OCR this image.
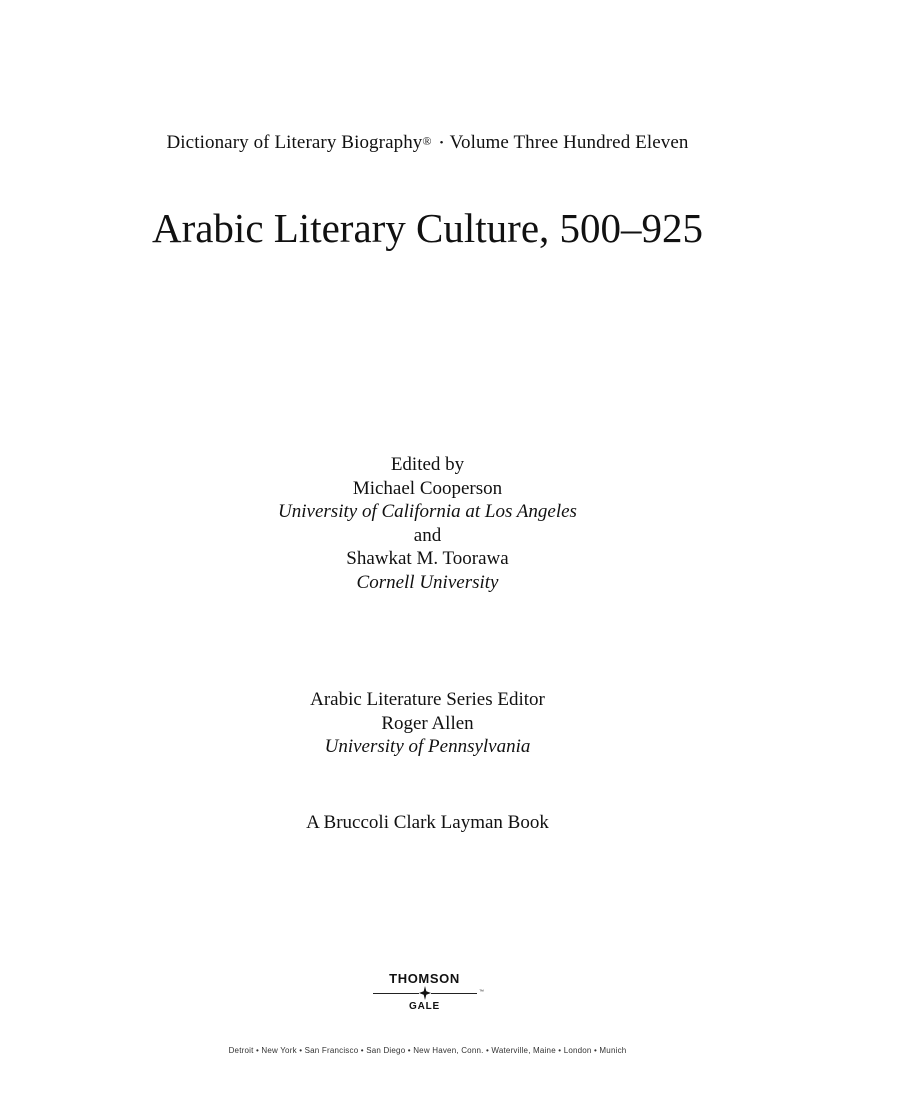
Dictionary of Literary Biography® • Volume Three Hundred Eleven
Arabic Literary Culture, 500–925
Edited by
Michael Cooperson
University of California at Los Angeles
and
Shawkat M. Toorawa
Cornell University
Arabic Literature Series Editor
Roger Allen
University of Pennsylvania
A Bruccoli Clark Layman Book
THOMSON
™
GALE
Detroit • New York • San Francisco • San Diego • New Haven, Conn. • Waterville, Maine • London • Munich
